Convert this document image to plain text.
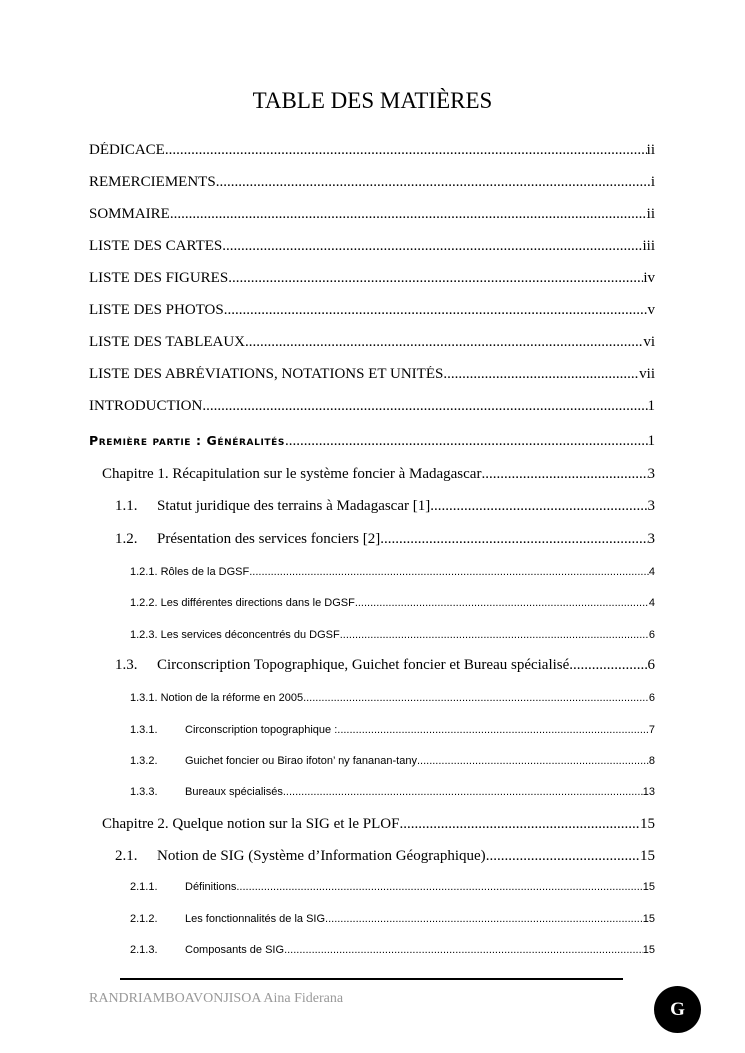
TABLE DES MATIÈRES
DÉDICACE .....	ii
REMERCIEMENTS .....	i
SOMMAIRE .....	ii
LISTE DES CARTES .....	iii
LISTE DES FIGURES .....	iv
LISTE DES PHOTOS .....	v
LISTE DES TABLEAUX .....	vi
LISTE DES ABRÉVIATIONS, NOTATIONS ET UNITÉS .....	vii
INTRODUCTION .....	1
Première partie : Généralités .....	1
Chapitre 1. Récapitulation sur le système foncier à Madagascar .....	3
1.1.	Statut juridique des terrains à Madagascar [1] .....	3
1.2.	Présentation des services fonciers [2] .....	3
1.2.1. Rôles de la DGSF .....	4
1.2.2. Les différentes directions dans le DGSF .....	4
1.2.3. Les services déconcentrés du DGSF .....	6
1.3.	Circonscription Topographique, Guichet foncier et Bureau spécialisé .....	6
1.3.1. Notion de la réforme en 2005 .....	6
1.3.1.	Circonscription topographique : .....	7
1.3.2.	Guichet foncier ou Birao ifoton’ ny fananan-tany .....	8
1.3.3.	Bureaux spécialisés .....	13
Chapitre 2. Quelque notion sur la SIG et le PLOF .....	15
2.1.	Notion de SIG (Système d’Information Géographique) .....	15
2.1.1.	Définitions .....	15
2.1.2.	Les fonctionnalités de la SIG .....	15
2.1.3.	Composants de SIG .....	15
RANDRIAMBOAVONJISOA Aina Fiderana	G
